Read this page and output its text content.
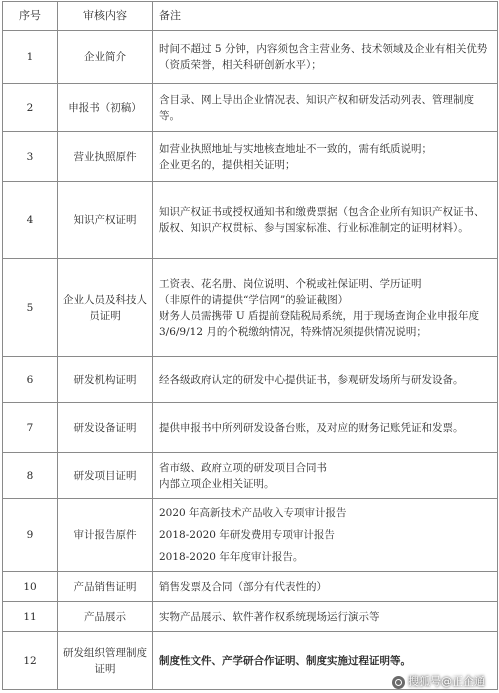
序号	审核内容	备注
1	企业简介	时间不超过 5 分钟，内容须包含主营业务、技术领域及企业有相关优势（资质荣誉，相关科研创新水平）；

2	申报书（初稿）	含目录、网上导出企业情况表、知识产权和研发活动列表、管理制度等。

3	营业执照原件	如营业执照地址与实地核查地址不一致的，需有纸质说明；
企业更名的，提供相关证明；

4	知识产权证明	知识产权证书或授权通知书和缴费票据（包含企业所有知识产权证书、版权、知识产权贯标、参与国家标准、行业标准制定的证明材料）。

5	企业人员及科技人员证明	工资表、花名册、岗位说明、个税或社保证明、学历证明
（非原件的请提供“学信网”的验证截图）
财务人员需携带 U 盾提前登陆税局系统，用于现场查询企业申报年度 3/6/9/12 月的个税缴纳情况，特殊情况须提供情况说明；

6	研发机构证明	经各级政府认定的研发中心提供证书，参观研发场所与研发设备。

7	研发设备证明	提供申报书中所列研发设备台账，及对应的财务记账凭证和发票。

8	研发项目证明	省市级、政府立项的研发项目合同书
内部立项企业相关证明。

9	审计报告原件	2020 年高新技术产品收入专项审计报告
2018-2020 年研发费用专项审计报告
2018-2020 年年度审计报告。

10	产品销售证明	销售发票及合同（部分有代表性的）

11	产品展示	实物产品展示、软件著作权系统现场运行演示等

12	研发组织管理制度证明	制度性文件、产学研合作证明、制度实施过程证明等。
搜狐号@正企通
